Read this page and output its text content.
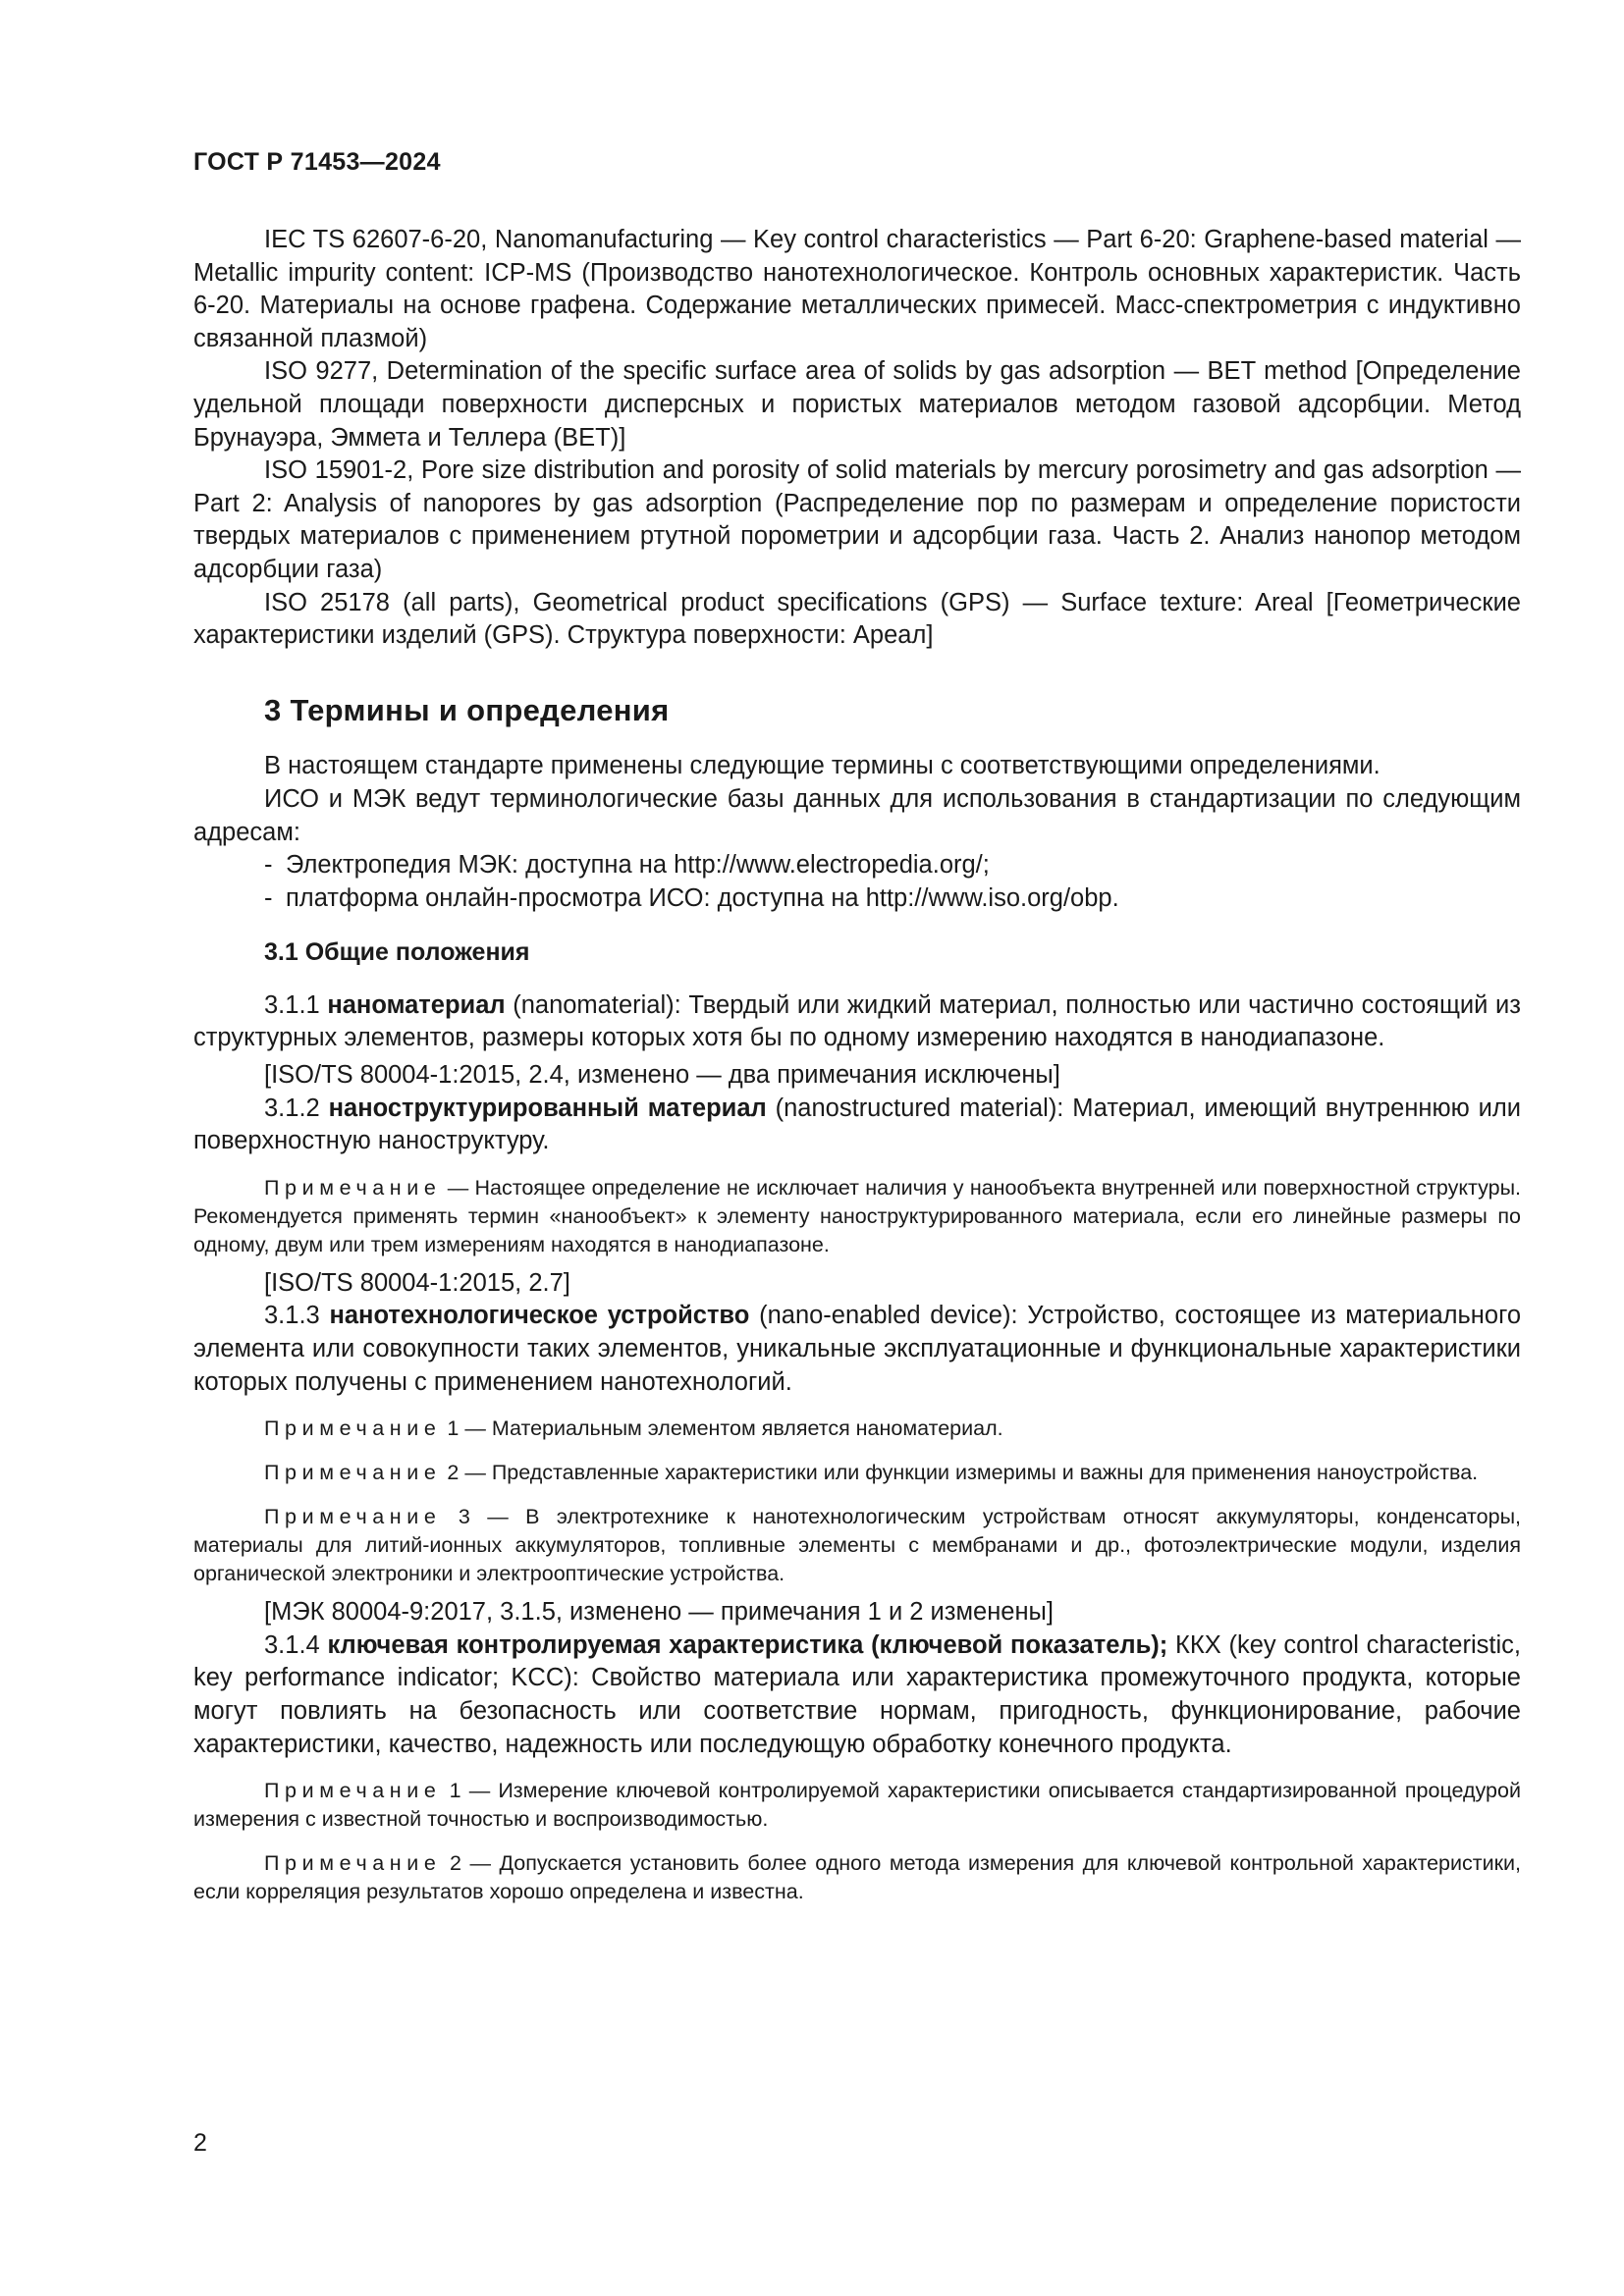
ГОСТ Р 71453—2024

IEC TS 62607-6-20, Nanomanufacturing — Key control characteristics — Part 6-20: Graphene-based material — Metallic impurity content: ICP-MS (Производство нанотехнологическое. Контроль основных характеристик. Часть 6-20. Материалы на основе графена. Содержание металлических примесей. Масс-спектрометрия с индуктивно связанной плазмой)

ISO 9277, Determination of the specific surface area of solids by gas adsorption — BET method [Определение удельной площади поверхности дисперсных и пористых материалов методом газовой адсорбции. Метод Брунауэра, Эммета и Теллера (BET)]

ISO 15901-2, Pore size distribution and porosity of solid materials by mercury porosimetry and gas adsorption — Part 2: Analysis of nanopores by gas adsorption (Распределение пор по размерам и определение пористости твердых материалов с применением ртутной порометрии и адсорбции газа. Часть 2. Анализ нанопор методом адсорбции газа)

ISO 25178 (all parts), Geometrical product specifications (GPS) — Surface texture: Areal [Геометрические характеристики изделий (GPS). Структура поверхности: Ареал]

3 Термины и определения

В настоящем стандарте применены следующие термины с соответствующими определениями.

ИСО и МЭК ведут терминологические базы данных для использования в стандартизации по следующим адресам:

- Электропедия МЭК: доступна на http://www.electropedia.org/;

- платформа онлайн-просмотра ИСО: доступна на http://www.iso.org/obp.

3.1 Общие положения

3.1.1 наноматериал (nanomaterial): Твердый или жидкий материал, полностью или частично состоящий из структурных элементов, размеры которых хотя бы по одному измерению находятся в нанодиапазоне.

[ISO/TS 80004-1:2015, 2.4, изменено — два примечания исключены]

3.1.2 наноструктурированный материал (nanostructured material): Материал, имеющий внутреннюю или поверхностную наноструктуру.

Примечание — Настоящее определение не исключает наличия у нанообъекта внутренней или поверхностной структуры. Рекомендуется применять термин «нанообъект» к элементу наноструктурированного материала, если его линейные размеры по одному, двум или трем измерениям находятся в нанодиапазоне.

[ISO/TS 80004-1:2015, 2.7]

3.1.3 нанотехнологическое устройство (nano-enabled device): Устройство, состоящее из материального элемента или совокупности таких элементов, уникальные эксплуатационные и функциональные характеристики которых получены с применением нанотехнологий.

Примечание 1 — Материальным элементом является наноматериал.

Примечание 2 — Представленные характеристики или функции измеримы и важны для применения наноустройства.

Примечание 3 — В электротехнике к нанотехнологическим устройствам относят аккумуляторы, конденсаторы, материалы для литий-ионных аккумуляторов, топливные элементы с мембранами и др., фотоэлектрические модули, изделия органической электроники и электрооптические устройства.

[МЭК 80004-9:2017, 3.1.5, изменено — примечания 1 и 2 изменены]

3.1.4 ключевая контролируемая характеристика (ключевой показатель); ККХ (key control characteristic, key performance indicator; KCC): Свойство материала или характеристика промежуточного продукта, которые могут повлиять на безопасность или соответствие нормам, пригодность, функционирование, рабочие характеристики, качество, надежность или последующую обработку конечного продукта.

Примечание 1 — Измерение ключевой контролируемой характеристики описывается стандартизированной процедурой измерения с известной точностью и воспроизводимостью.

Примечание 2 — Допускается установить более одного метода измерения для ключевой контрольной характеристики, если корреляция результатов хорошо определена и известна.

2
